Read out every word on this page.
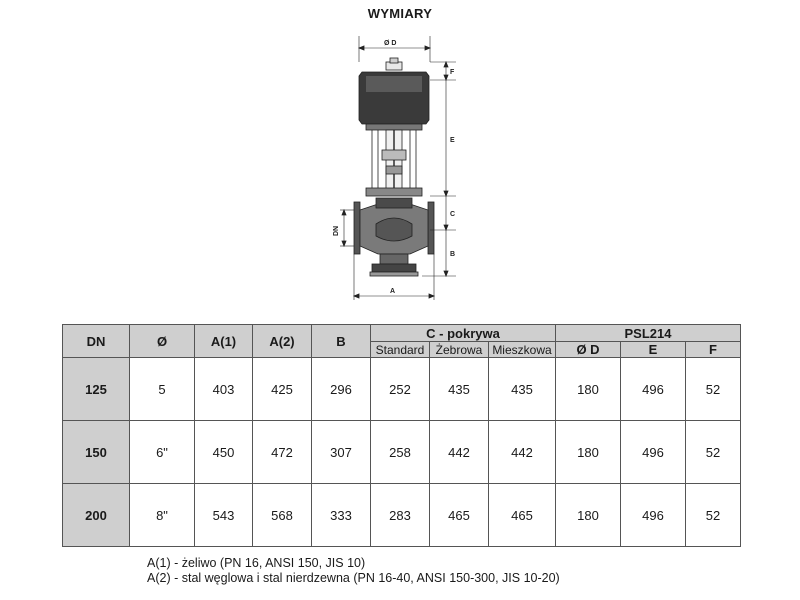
WYMIARY
Ø D
F
E
C
B
DN
A
DN	Ø	A(1)	A(2)	B	C - pokrywa			PSL214		
					Standard	Żebrowa	Mieszkowa	Ø D	E	F
125	5	403	425	296	252	435	435	180	496	52
150	6"	450	472	307	258	442	442	180	496	52
200	8"	543	568	333	283	465	465	180	496	52
A(1) - żeliwo (PN 16, ANSI 150, JIS 10)
A(2) - stal węglowa i stal nierdzewna (PN 16-40, ANSI 150-300, JIS 10-20)
